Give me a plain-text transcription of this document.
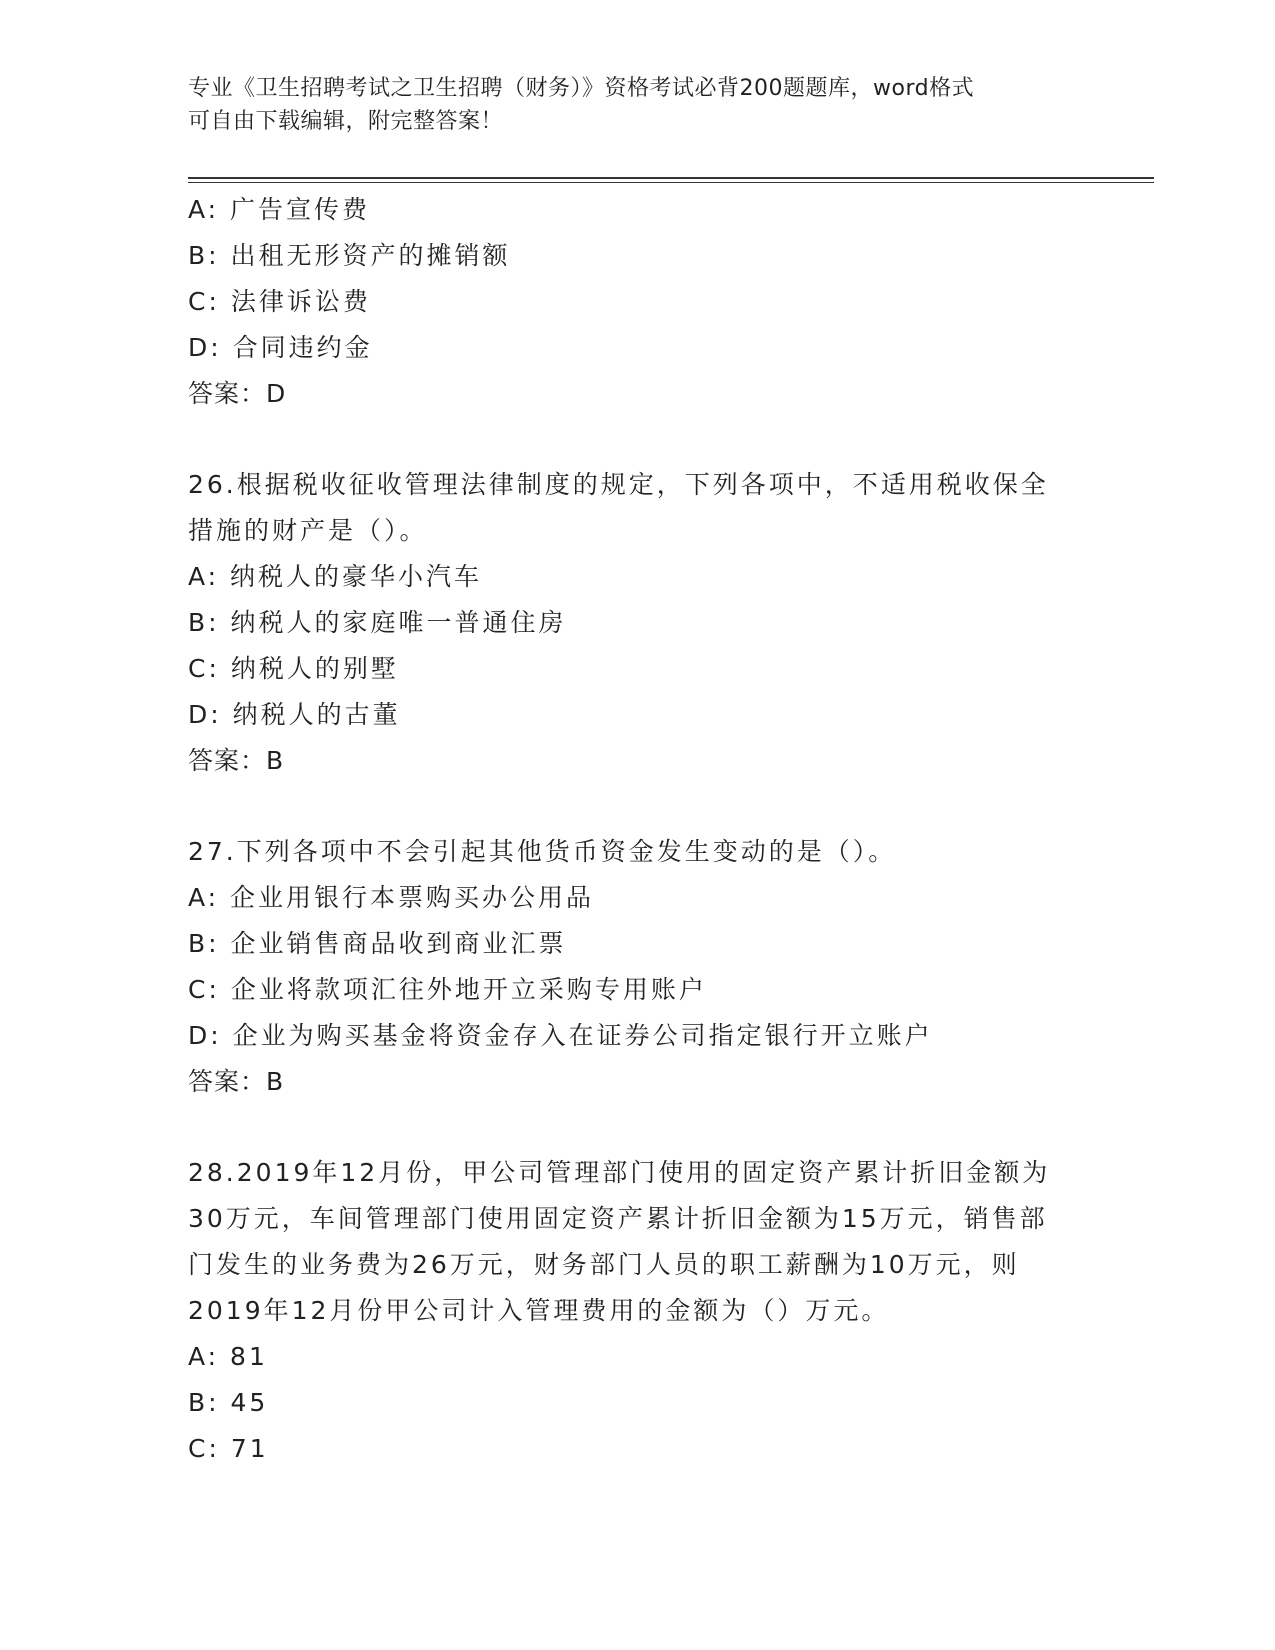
专业《卫生招聘考试之卫生招聘（财务）》资格考试必背200题题库，word格式
可自由下载编辑，附完整答案！
A: 广告宣传费
B: 出租无形资产的摊销额
C: 法律诉讼费
D: 合同违约金
答案：D
26.根据税收征收管理法律制度的规定，下列各项中，不适用税收保全
措施的财产是（）。
A: 纳税人的豪华小汽车
B: 纳税人的家庭唯一普通住房
C: 纳税人的别墅
D: 纳税人的古董
答案：B
27.下列各项中不会引起其他货币资金发生变动的是（）。
A: 企业用银行本票购买办公用品
B: 企业销售商品收到商业汇票
C: 企业将款项汇往外地开立采购专用账户
D: 企业为购买基金将资金存入在证券公司指定银行开立账户
答案：B
28.2019年12月份，甲公司管理部门使用的固定资产累计折旧金额为
30万元，车间管理部门使用固定资产累计折旧金额为15万元，销售部
门发生的业务费为26万元，财务部门人员的职工薪酬为10万元，则
2019年12月份甲公司计入管理费用的金额为（）万元。
A: 81
B: 45
C: 71
